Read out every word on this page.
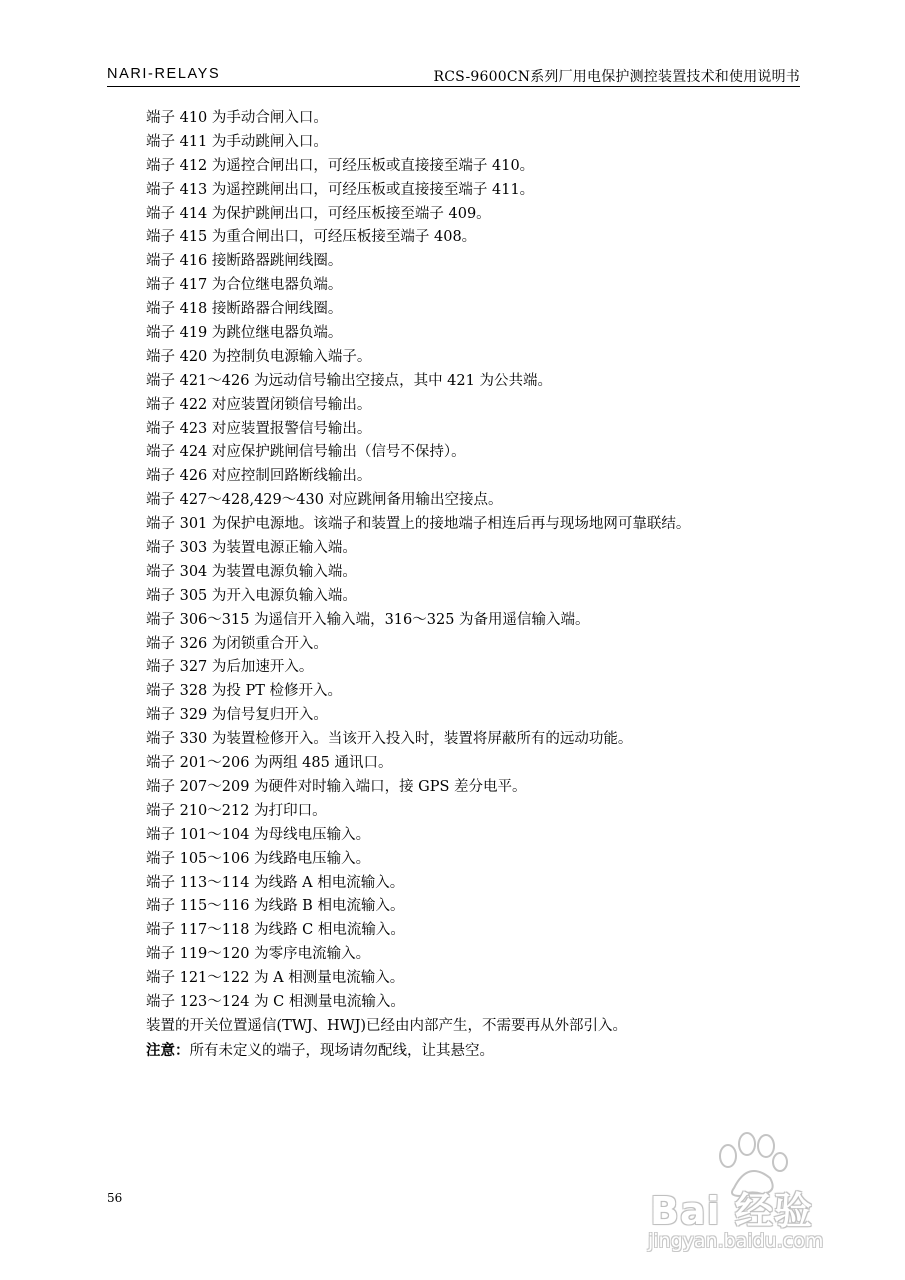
NARI-RELAYS	RCS-9600CN系列厂用电保护测控装置技术和使用说明书
端子 410 为手动合闸入口。
端子 411 为手动跳闸入口。
端子 412 为遥控合闸出口，可经压板或直接接至端子 410。
端子 413 为遥控跳闸出口，可经压板或直接接至端子 411。
端子 414 为保护跳闸出口，可经压板接至端子 409。
端子 415 为重合闸出口，可经压板接至端子 408。
端子 416 接断路器跳闸线圈。
端子 417 为合位继电器负端。
端子 418 接断路器合闸线圈。
端子 419 为跳位继电器负端。
端子 420 为控制负电源输入端子。
端子 421～426 为远动信号输出空接点，其中 421 为公共端。
端子 422 对应装置闭锁信号输出。
端子 423 对应装置报警信号输出。
端子 424 对应保护跳闸信号输出（信号不保持）。
端子 426 对应控制回路断线输出。
端子 427～428,429～430 对应跳闸备用输出空接点。
端子 301 为保护电源地。该端子和装置上的接地端子相连后再与现场地网可靠联结。
端子 303 为装置电源正输入端。
端子 304 为装置电源负输入端。
端子 305 为开入电源负输入端。
端子 306～315 为遥信开入输入端，316～325 为备用遥信输入端。
端子 326 为闭锁重合开入。
端子 327 为后加速开入。
端子 328 为投 PT 检修开入。
端子 329 为信号复归开入。
端子 330 为装置检修开入。当该开入投入时，装置将屏蔽所有的远动功能。
端子 201～206 为两组 485 通讯口。
端子 207～209 为硬件对时输入端口，接 GPS 差分电平。
端子 210～212 为打印口。
端子 101～104 为母线电压输入。
端子 105～106 为线路电压输入。
端子 113～114 为线路 A 相电流输入。
端子 115～116 为线路 B 相电流输入。
端子 117～118 为线路 C 相电流输入。
端子 119～120 为零序电流输入。
端子 121～122 为 A 相测量电流输入。
端子 123～124 为 C 相测量电流输入。
装置的开关位置遥信(TWJ、HWJ)已经由内部产生，不需要再从外部引入。
注意：所有未定义的端子，现场请勿配线，让其悬空。
56	Bai 经验
jingyan.baidu.com
